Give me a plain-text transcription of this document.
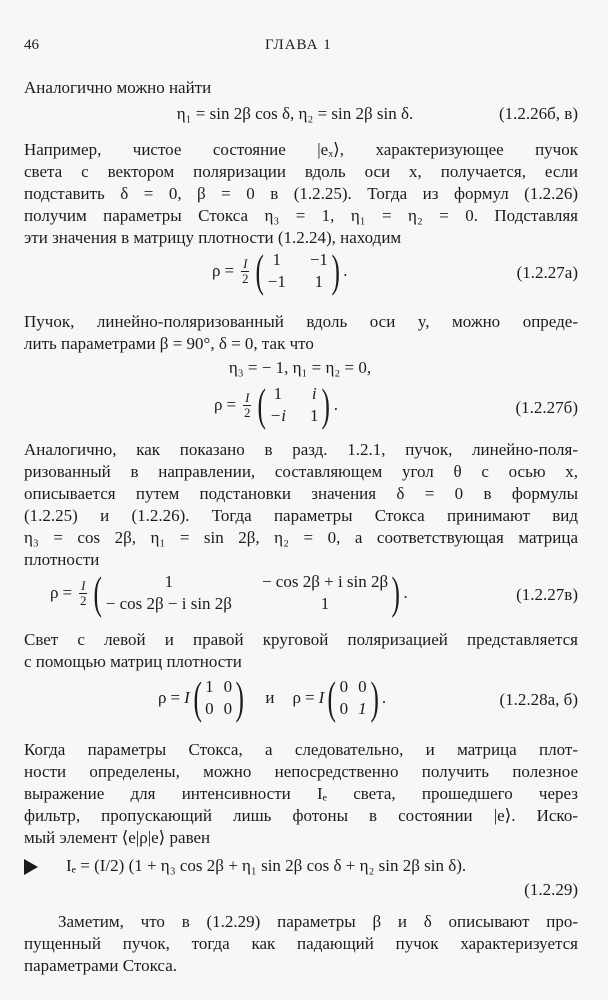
46	ГЛАВА 1
Аналогично можно найти
η₁ = sin 2β cos δ, η₂ = sin 2β sin δ.	(1.2.26б, в)
Например, чистое состояние |eₓ⟩, характеризующее пучок
света с вектором поляризации вдоль оси x, получается, если
подставить δ = 0, β = 0 в (1.2.25). Тогда из формул (1.2.26)
получим параметры Стокса η₃ = 1, η₁ = η₂ = 0. Подставляя
эти значения в матрицу плотности (1.2.24), находим
$\rho = \frac{I}{2}$ ( 1 −1
−1 1 ) .	(1.2.27а)
Пучок, линейно-поляризованный вдоль оси y, можно опреде-
лить параметрами β = 90°, δ = 0, так что
η₃ = − 1, η₁ = η₂ = 0,
$\rho = \frac{I}{2}$ ( 1 i
−i 1 ) .	(1.2.27б)
Аналогично, как показано в разд. 1.2.1, пучок, линейно-поля-
ризованный в направлении, составляющем угол θ с осью x,
описывается путем подстановки значения δ = 0 в формулы
(1.2.25) и (1.2.26). Тогда параметры Стокса принимают вид
η₃ = cos 2β, η₁ = sin 2β, η₂ = 0, а соответствующая матрица
плотности
$\rho = \frac{I}{2}$ (	1	− cos 2β + i sin 2β
− cos 2β − i sin 2β	1 ) .	(1.2.27в)
Свет с левой и правой круговой поляризацией представляется
с помощью матриц плотности
ρ = I ( 1 0
0 0 ) и ρ = I ( 0 0
0 1 ) .	(1.2.28а, б)
Когда параметры Стокса, а следовательно, и матрица плот-
ности определены, можно непосредственно получить полезное
выражение для интенсивности Iₑ света, прошедшего через
фильтр, пропускающий лишь фотоны в состоянии |e⟩. Иско-
мый элемент ⟨e|ρ|e⟩ равен
Iₑ = (I/2) (1 + η₃ cos 2β + η₁ sin 2β cos δ + η₂ sin 2β sin δ).
(1.2.29)
Заметим, что в (1.2.29) параметры β и δ описывают про-
пущенный пучок, тогда как падающий пучок характеризуется
параметрами Стокса.
